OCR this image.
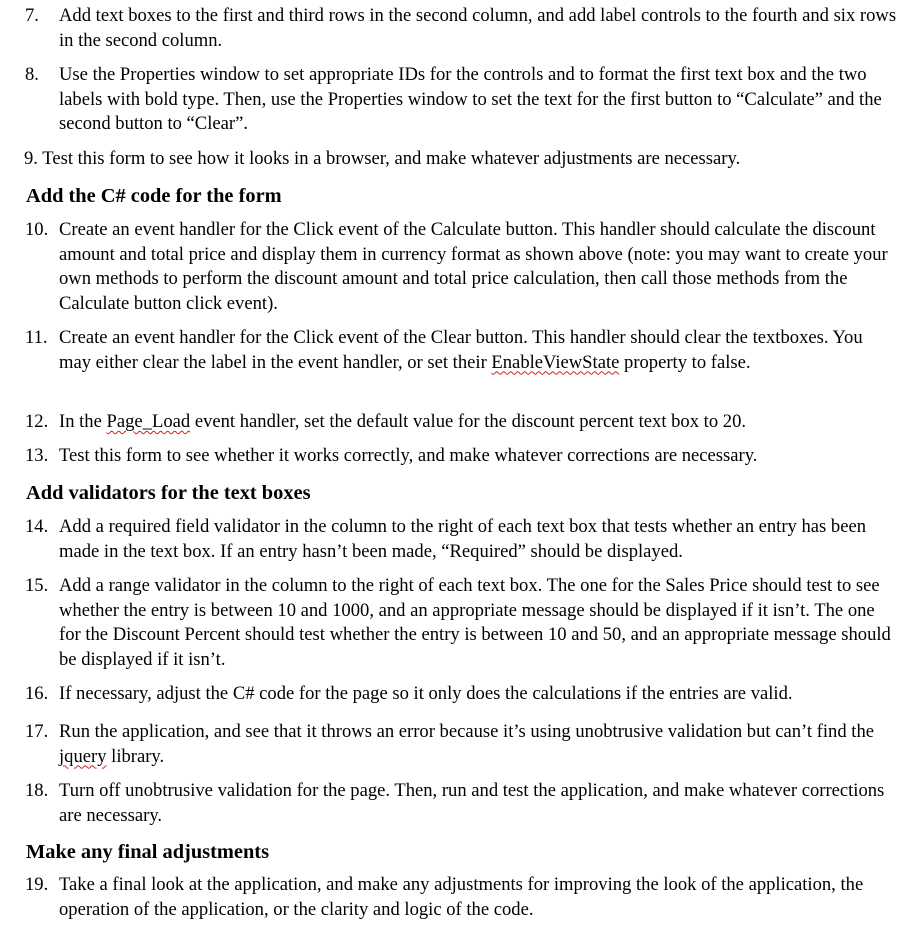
7. Add text boxes to the first and third rows in the second column, and add label controls to the fourth and six rows in the second column.
8. Use the Properties window to set appropriate IDs for the controls and to format the first text box and the two labels with bold type. Then, use the Properties window to set the text for the first button to “Calculate” and the second button to “Clear”.
9. Test this form to see how it looks in a browser, and make whatever adjustments are necessary.
Add the C# code for the form
10. Create an event handler for the Click event of the Calculate button. This handler should calculate the discount amount and total price and display them in currency format as shown above (note: you may want to create your own methods to perform the discount amount and total price calculation, then call those methods from the Calculate button click event).
11. Create an event handler for the Click event of the Clear button. This handler should clear the textboxes. You may either clear the label in the event handler, or set their EnableViewState property to false.
12. In the Page_Load event handler, set the default value for the discount percent text box to 20.
13. Test this form to see whether it works correctly, and make whatever corrections are necessary.
Add validators for the text boxes
14. Add a required field validator in the column to the right of each text box that tests whether an entry has been made in the text box. If an entry hasn’t been made, “Required” should be displayed.
15. Add a range validator in the column to the right of each text box. The one for the Sales Price should test to see whether the entry is between 10 and 1000, and an appropriate message should be displayed if it isn’t. The one for the Discount Percent should test whether the entry is between 10 and 50, and an appropriate message should be displayed if it isn’t.
16. If necessary, adjust the C# code for the page so it only does the calculations if the entries are valid.
17. Run the application, and see that it throws an error because it’s using unobtrusive validation but can’t find the jquery library.
18. Turn off unobtrusive validation for the page. Then, run and test the application, and make whatever corrections are necessary.
Make any final adjustments
19. Take a final look at the application, and make any adjustments for improving the look of the application, the operation of the application, or the clarity and logic of the code.
